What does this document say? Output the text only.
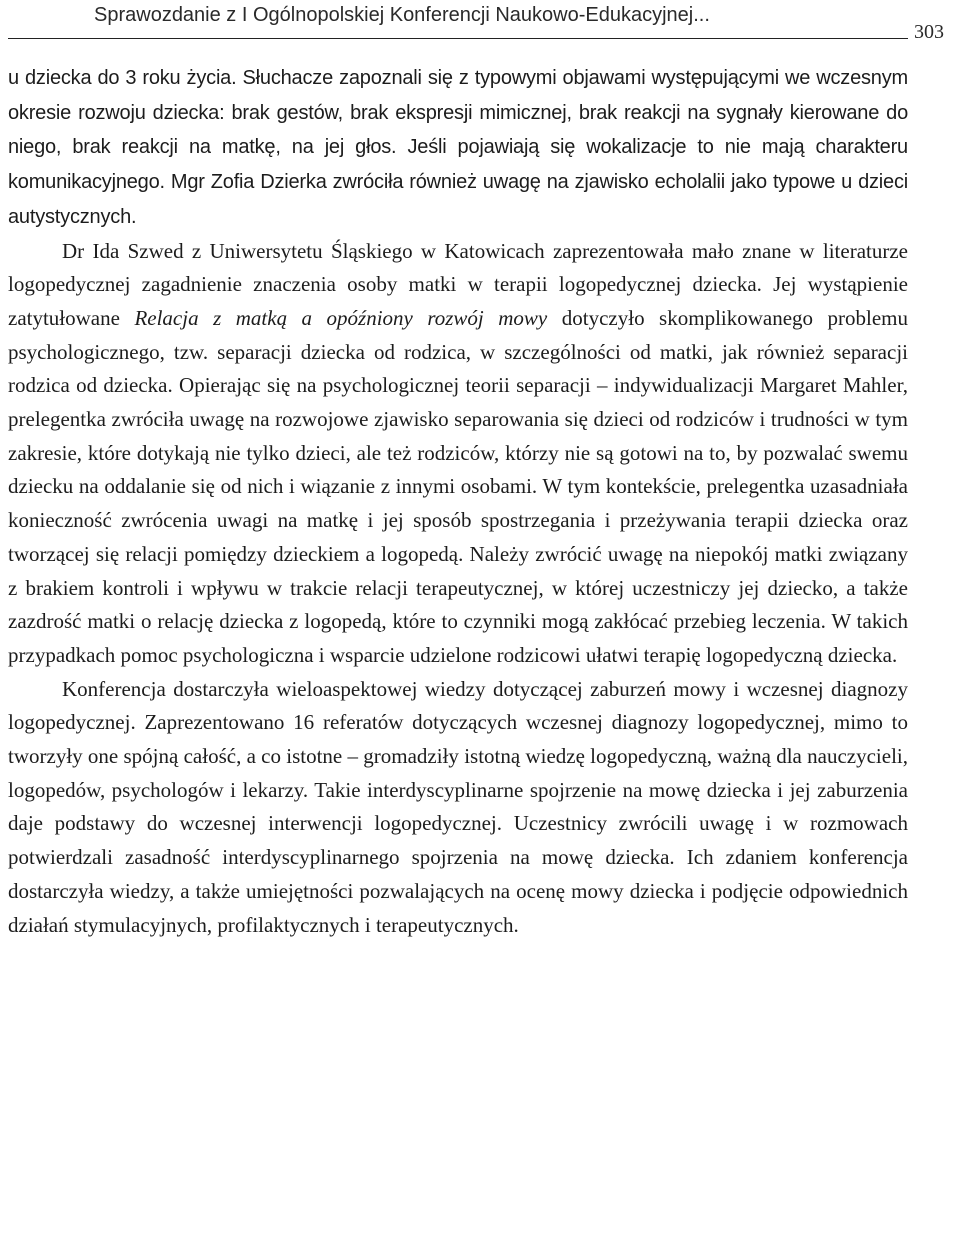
Sprawozdanie z I Ogólnopolskiej Konferencji Naukowo-Edukacyjnej...
303

u dziecka do 3 roku życia. Słuchacze zapoznali się z typowymi objawami występującymi we wczesnym okresie rozwoju dziecka: brak gestów, brak ekspresji mimicznej, brak reakcji na sygnały kierowane do niego, brak reakcji na matkę, na jej głos. Jeśli pojawiają się wokalizacje to nie mają charakteru komunikacyjnego. Mgr Zofia Dzierka zwróciła również uwagę na zjawisko echolalii jako typowe u dzieci autystycznych.

Dr Ida Szwed z Uniwersytetu Śląskiego w Katowicach zaprezentowała mało znane w literaturze logopedycznej zagadnienie znaczenia osoby matki w terapii logopedycznej dziecka. Jej wystąpienie zatytułowane Relacja z matką a opóźniony rozwój mowy dotyczyło skomplikowanego problemu psychologicznego, tzw. separacji dziecka od rodzica, w szczególności od matki, jak również separacji rodzica od dziecka. Opierając się na psychologicznej teorii separacji – indywidualizacji Margaret Mahler, prelegentka zwróciła uwagę na rozwojowe zjawisko separowania się dzieci od rodziców i trudności w tym zakresie, które dotykają nie tylko dzieci, ale też rodziców, którzy nie są gotowi na to, by pozwalać swemu dziecku na oddalanie się od nich i wiązanie z innymi osobami. W tym kontekście, prelegentka uzasadniała konieczność zwrócenia uwagi na matkę i jej sposób spostrzegania i przeżywania terapii dziecka oraz tworzącej się relacji pomiędzy dzieckiem a logopedą. Należy zwrócić uwagę na niepokój matki związany z brakiem kontroli i wpływu w trakcie relacji terapeutycznej, w której uczestniczy jej dziecko, a także zazdrość matki o relację dziecka z logopedą, które to czynniki mogą zakłócać przebieg leczenia. W takich przypadkach pomoc psychologiczna i wsparcie udzielone rodzicowi ułatwi terapię logopedyczną dziecka.

Konferencja dostarczyła wieloaspektowej wiedzy dotyczącej zaburzeń mowy i wczesnej diagnozy logopedycznej. Zaprezentowano 16 referatów dotyczących wczesnej diagnozy logopedycznej, mimo to tworzyły one spójną całość, a co istotne – gromadziły istotną wiedzę logopedyczną, ważną dla nauczycieli, logopedów, psychologów i lekarzy. Takie interdyscyplinarne spojrzenie na mowę dziecka i jej zaburzenia daje podstawy do wczesnej interwencji logopedycznej. Uczestnicy zwrócili uwagę i w rozmowach potwierdzali zasadność interdyscyplinarnego spojrzenia na mowę dziecka. Ich zdaniem konferencja dostarczyła wiedzy, a także umiejętności pozwalających na ocenę mowy dziecka i podjęcie odpowiednich działań stymulacyjnych, profilaktycznych i terapeutycznych.
